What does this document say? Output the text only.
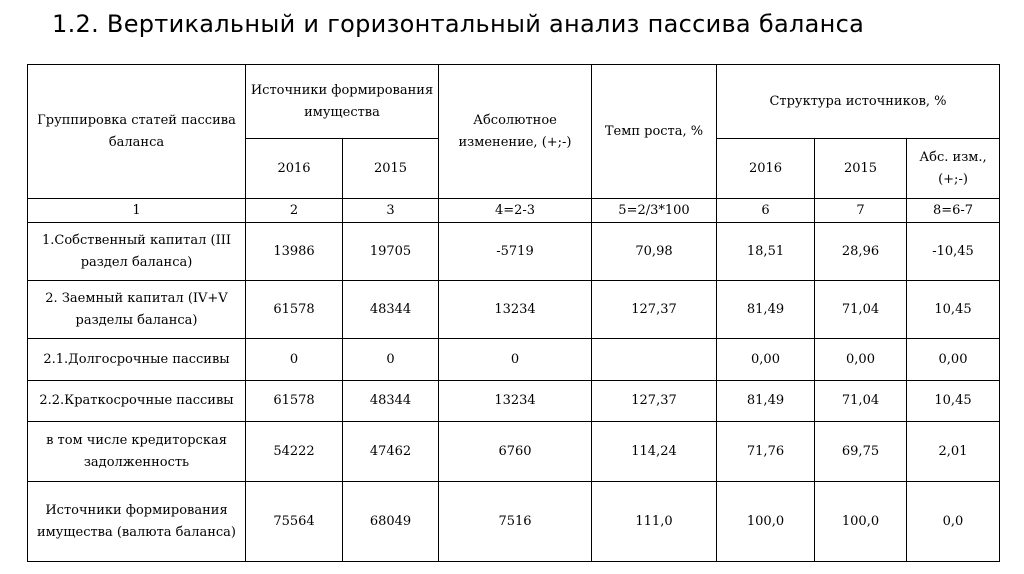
1.2. Вертикальный и горизонтальный анализ пассива баланса
Группировка статей пассива баланса	Источники формирования имущества		Абсолютное изменение, (+;-)	Темп роста, %	Структура источников, %		
	2016	2015			2016	2015	Абс. изм., (+;-)
1	2	3	4=2-3	5=2/3*100	6	7	8=6-7
1.Собственный капитал (III раздел баланса)	13986	19705	-5719	70,98	18,51	28,96	-10,45
2. Заемный капитал (IV+V разделы баланса)	61578	48344	13234	127,37	81,49	71,04	10,45
2.1.Долгосрочные пассивы	0	0	0		0,00	0,00	0,00
2.2.Краткосрочные пассивы	61578	48344	13234	127,37	81,49	71,04	10,45
в том числе кредиторская задолженность	54222	47462	6760	114,24	71,76	69,75	2,01
Источники формирования имущества (валюта баланса)	75564	68049	7516	111,0	100,0	100,0	0,0
